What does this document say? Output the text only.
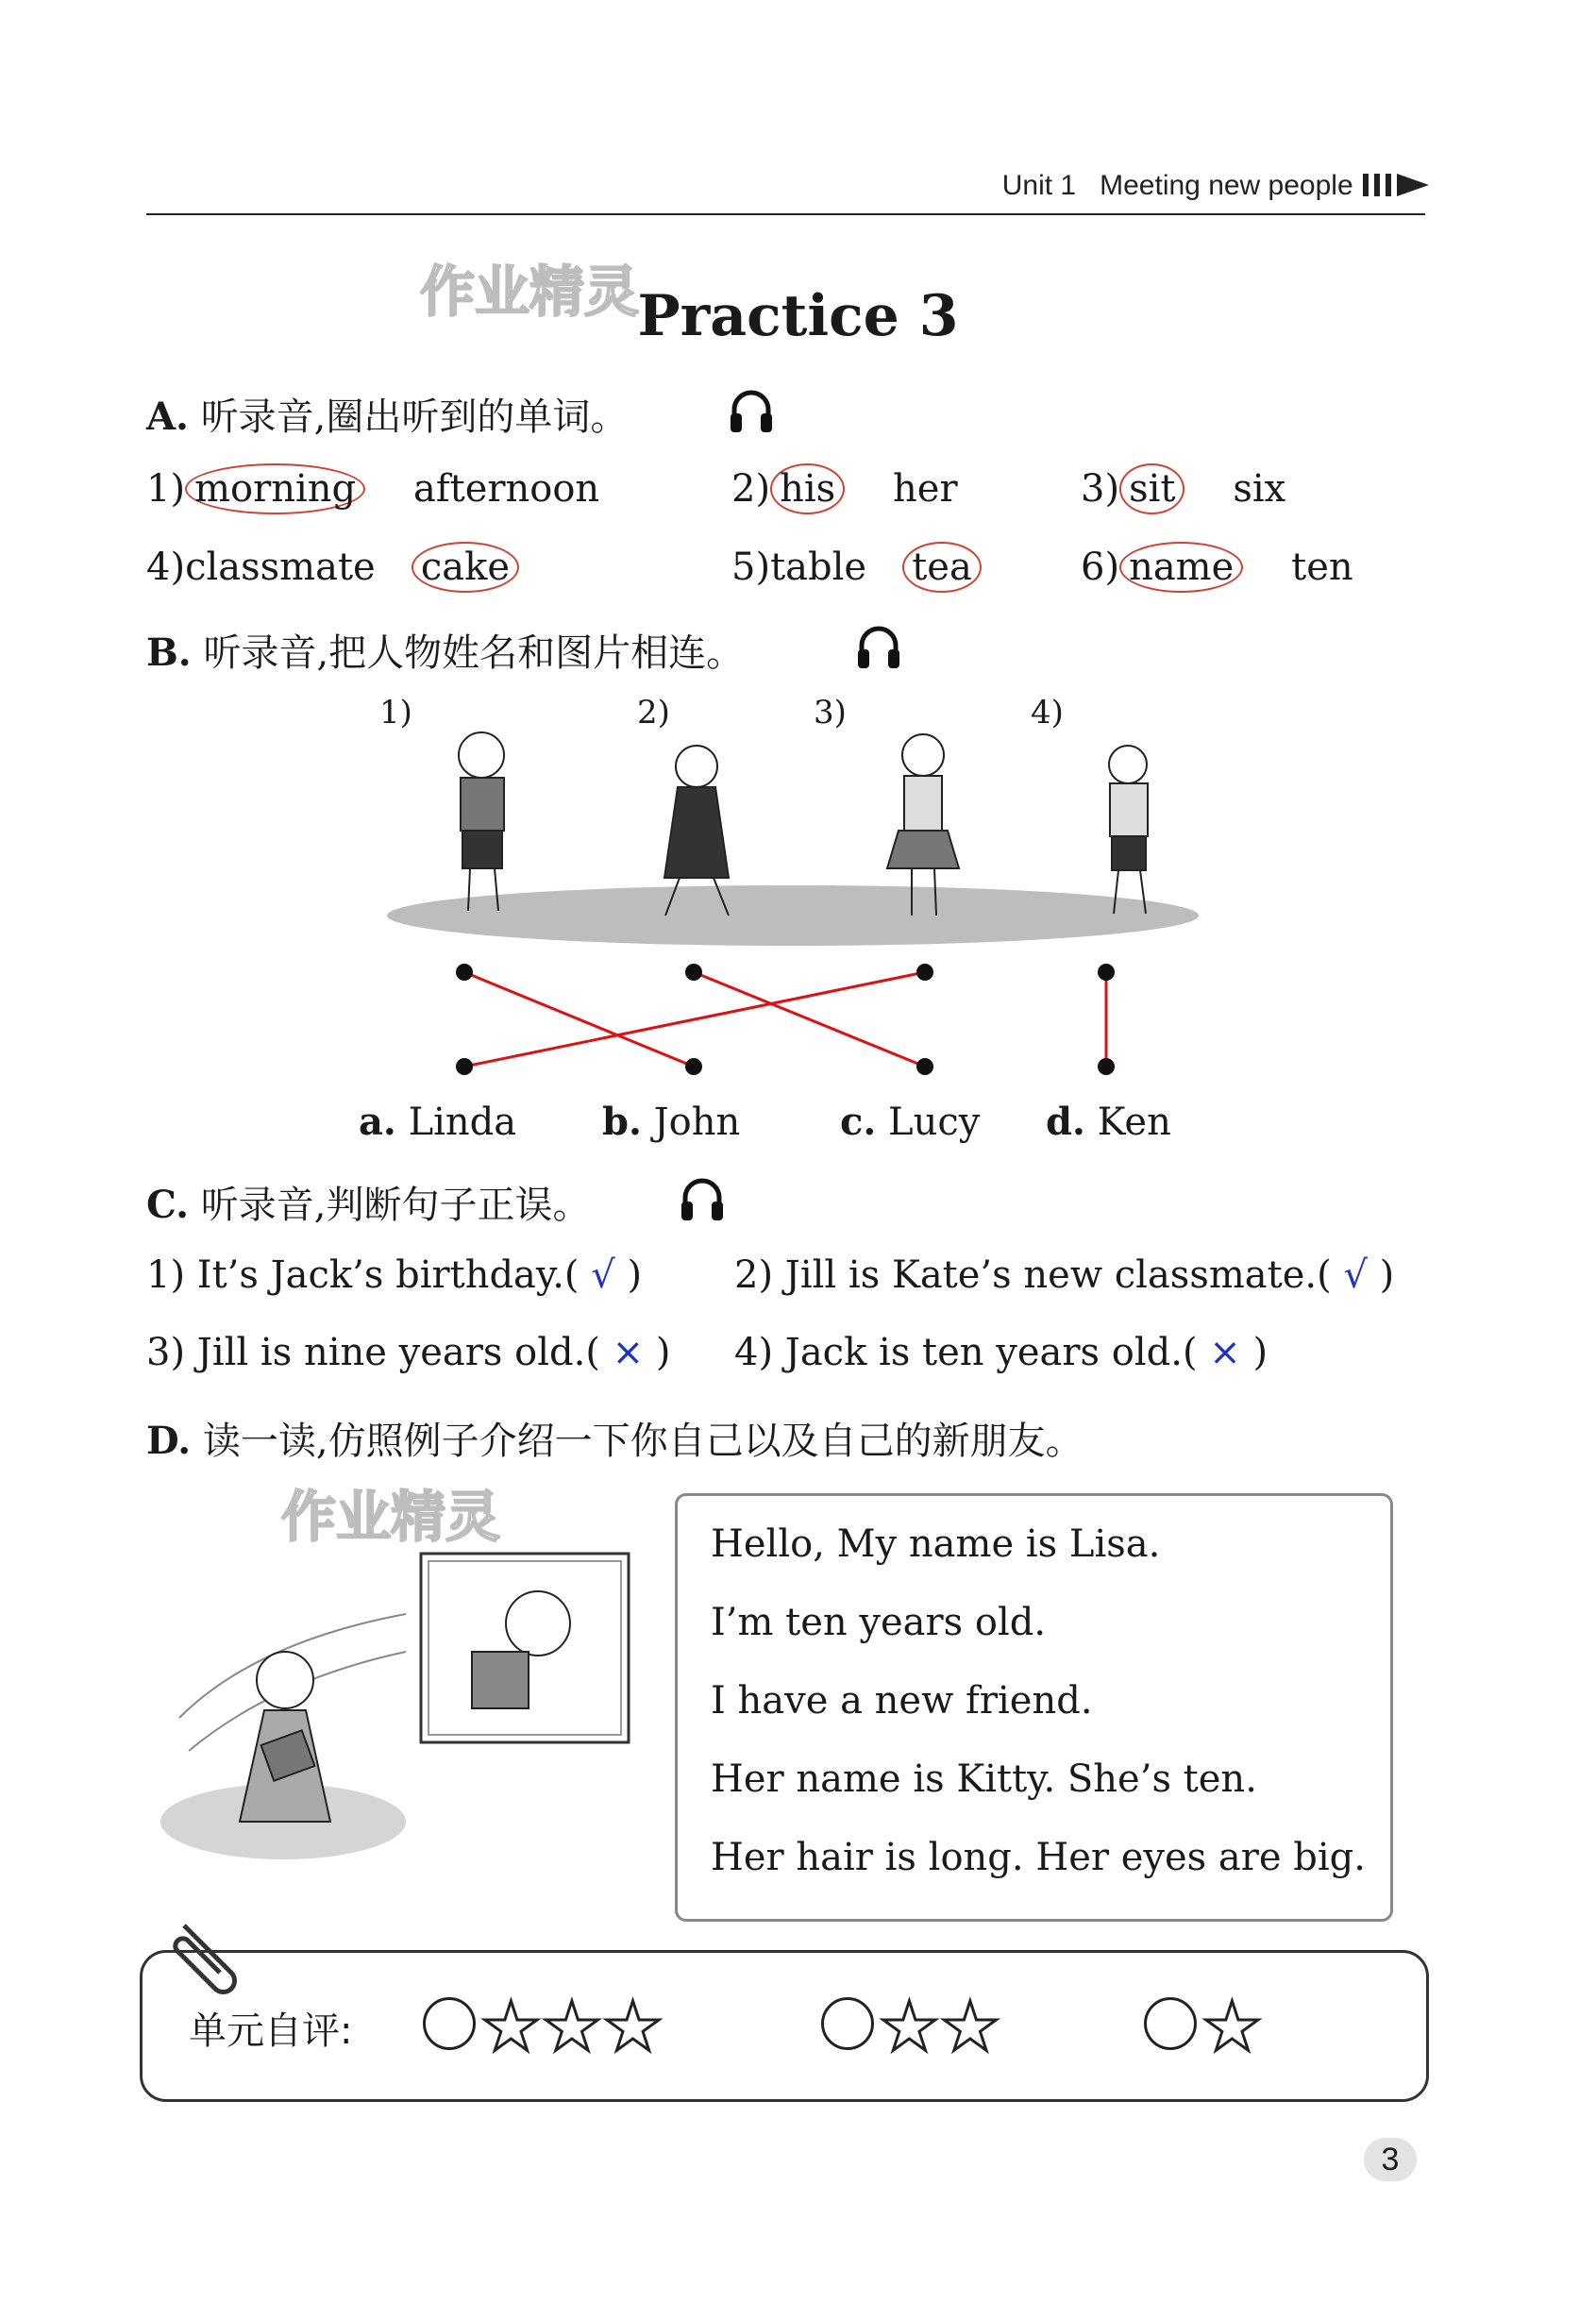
Unit 1 Meeting new people
作业精灵
Practice 3
A. 听录音,圈出听到的单词。
1) morning afternoon	2) his her	3) sit six
4)classmate cake	5)table tea	6) name ten
B. 听录音,把人物姓名和图片相连。
1)	2)	3)	4)
a. Linda b. John	c. Lucy d. Ken
C. 听录音,判断句子正误。
1) It’s Jack’s birthday.( √ ) 2) Jill is Kate’s new classmate.( √ )
3) Jill is nine years old.( × ) 4) Jack is ten years old.( × )
D. 读一读,仿照例子介绍一下你自己以及自己的新朋友。
作业精灵	Hello, My name is Lisa.

I’m ten years old.

I have a new friend.

Her name is Kitty. She’s ten.

Her hair is long. Her eyes are big.

单元自评:	★★★	★★	★
3
